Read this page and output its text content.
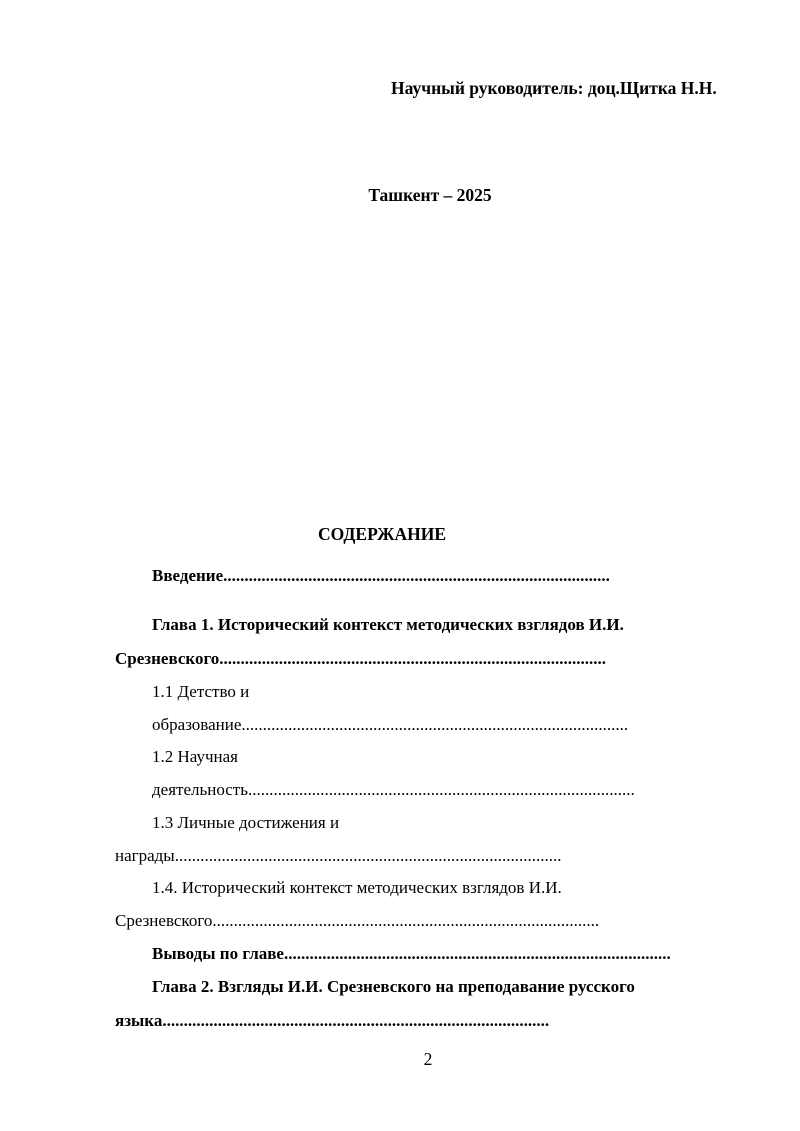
Научный руководитель: доц.Щитка Н.Н.
Ташкент – 2025
СОДЕРЖАНИЕ
Введение...........................................................................................
Глава 1. Исторический контекст методических взглядов И.И.
Срезневского...........................................................................................
1.1 Детство и
образование...........................................................................................
1.2 Научная
деятельность...........................................................................................
1.3 Личные достижения и
награды...........................................................................................
1.4. Исторический контекст методических взглядов И.И.
Срезневского...........................................................................................
Выводы по главе...........................................................................................
Глава 2. Взгляды И.И. Срезневского на преподавание русского
языка...........................................................................................
2
